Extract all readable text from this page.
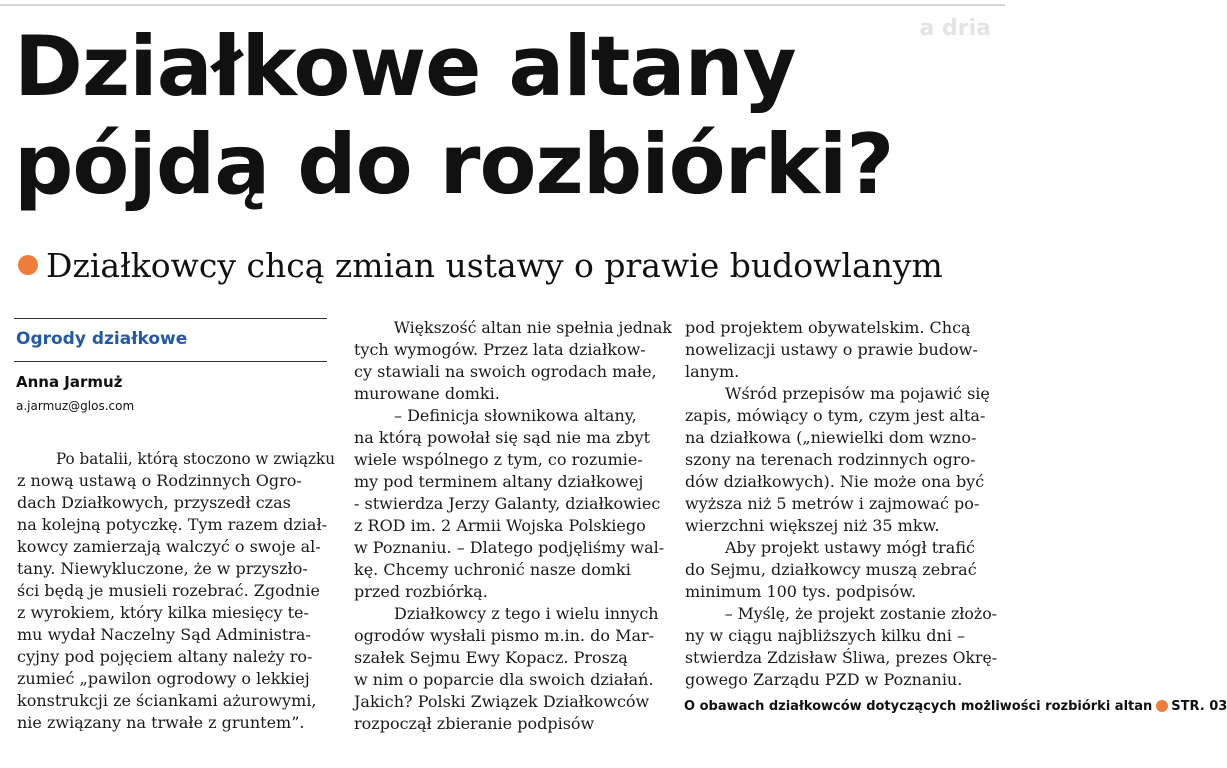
a dria
Działkowe altany
pójdą do rozbiórki?
Działkowcy chcą zmian ustawy o prawie budowlanym
Ogrody działkowe
Anna Jarmuż
a.jarmuz@glos.com
Po batalii, którą stoczono w związku
z nową ustawą o Rodzinnych Ogro-
dach Działkowych, przyszedł czas
na kolejną potyczkę. Tym razem dział-
kowcy zamierzają walczyć o swoje al-
tany. Niewykluczone, że w przyszło-
ści będą je musieli rozebrać. Zgodnie
z wyrokiem, który kilka miesięcy te-
mu wydał Naczelny Sąd Administra-
cyjny pod pojęciem altany należy ro-
zumieć „pawilon ogrodowy o lekkiej
konstrukcji ze ściankami ażurowymi,
nie związany na trwałe z gruntem”.
Większość altan nie spełnia jednak
tych wymogów. Przez lata działkow-
cy stawiali na swoich ogrodach małe,
murowane domki.
– Definicja słownikowa altany,
na którą powołał się sąd nie ma zbyt
wiele wspólnego z tym, co rozumie-
my pod terminem altany działkowej
- stwierdza Jerzy Galanty, działkowiec
z ROD im. 2 Armii Wojska Polskiego
w Poznaniu. – Dlatego podjęliśmy wal-
kę. Chcemy uchronić nasze domki
przed rozbiórką.
Działkowcy z tego i wielu innych
ogrodów wysłali pismo m.in. do Mar-
szałek Sejmu Ewy Kopacz. Proszą
w nim o poparcie dla swoich działań.
Jakich? Polski Związek Działkowców
rozpoczął zbieranie podpisów
pod projektem obywatelskim. Chcą
nowelizacji ustawy o prawie budow-
lanym.
Wśród przepisów ma pojawić się
zapis, mówiący o tym, czym jest alta-
na działkowa („niewielki dom wzno-
szony na terenach rodzinnych ogro-
dów działkowych). Nie może ona być
wyższa niż 5 metrów i zajmować po-
wierzchni większej niż 35 mkw.
Aby projekt ustawy mógł trafić
do Sejmu, działkowcy muszą zebrać
minimum 100 tys. podpisów.
– Myślę, że projekt zostanie złożo-
ny w ciągu najbliższych kilku dni –
stwierdza Zdzisław Śliwa, prezes Okrę-
gowego Zarządu PZD w Poznaniu.
O obawach działkowców dotyczących możliwości rozbiórki altan STR. 03
